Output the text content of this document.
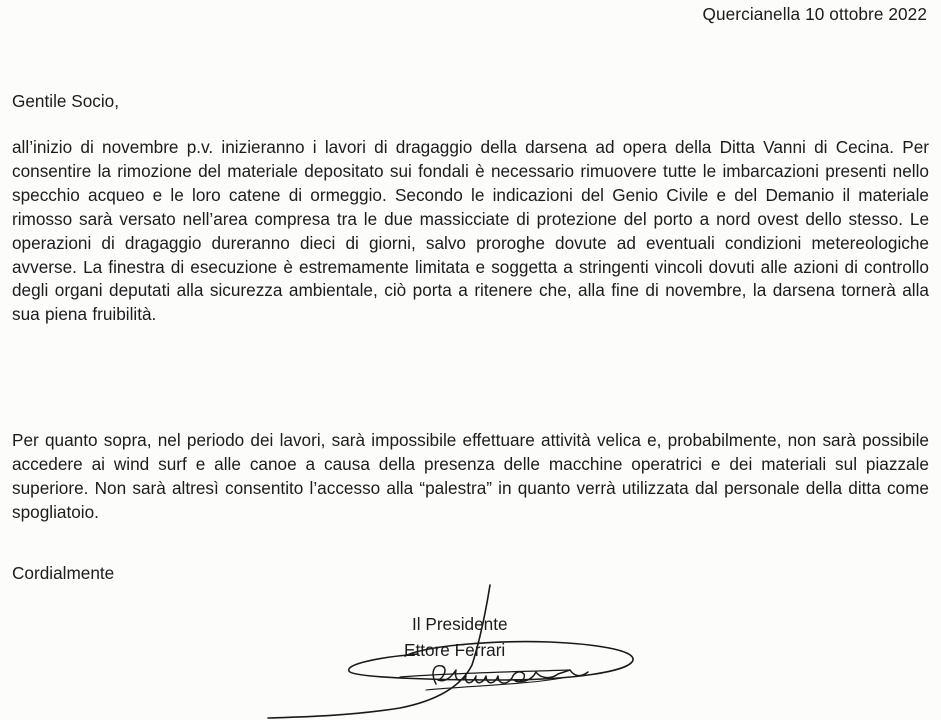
Quercianella 10 ottobre 2022
Gentile Socio,

all’inizio di novembre p.v. inizieranno i lavori di dragaggio della darsena ad opera della Ditta Vanni di Cecina. Per consentire la rimozione del materiale depositato sui fondali è necessario rimuovere tutte le imbarcazioni presenti nello specchio acqueo e le loro catene di ormeggio. Secondo le indicazioni del Genio Civile e del Demanio il materiale rimosso sarà versato nell’area compresa tra le due massicciate di protezione del porto a nord ovest dello stesso. Le operazioni di dragaggio dureranno dieci di giorni, salvo proroghe dovute ad eventuali condizioni metereologiche avverse. La finestra di esecuzione è estremamente limitata e soggetta a stringenti vincoli dovuti alle azioni di controllo degli organi deputati alla sicurezza ambientale, ciò porta a ritenere che, alla fine di novembre, la darsena tornerà alla sua piena fruibilità.

Per quanto sopra, nel periodo dei lavori, sarà impossibile effettuare attività velica e, probabilmente, non sarà possibile accedere ai wind surf e alle canoe a causa della presenza delle macchine operatrici e dei materiali sul piazzale superiore. Non sarà altresì consentito l’accesso alla “palestra” in quanto verrà utilizzata dal personale della ditta come spogliatoio.

Cordialmente
Il Presidente
Ettore Ferrari
